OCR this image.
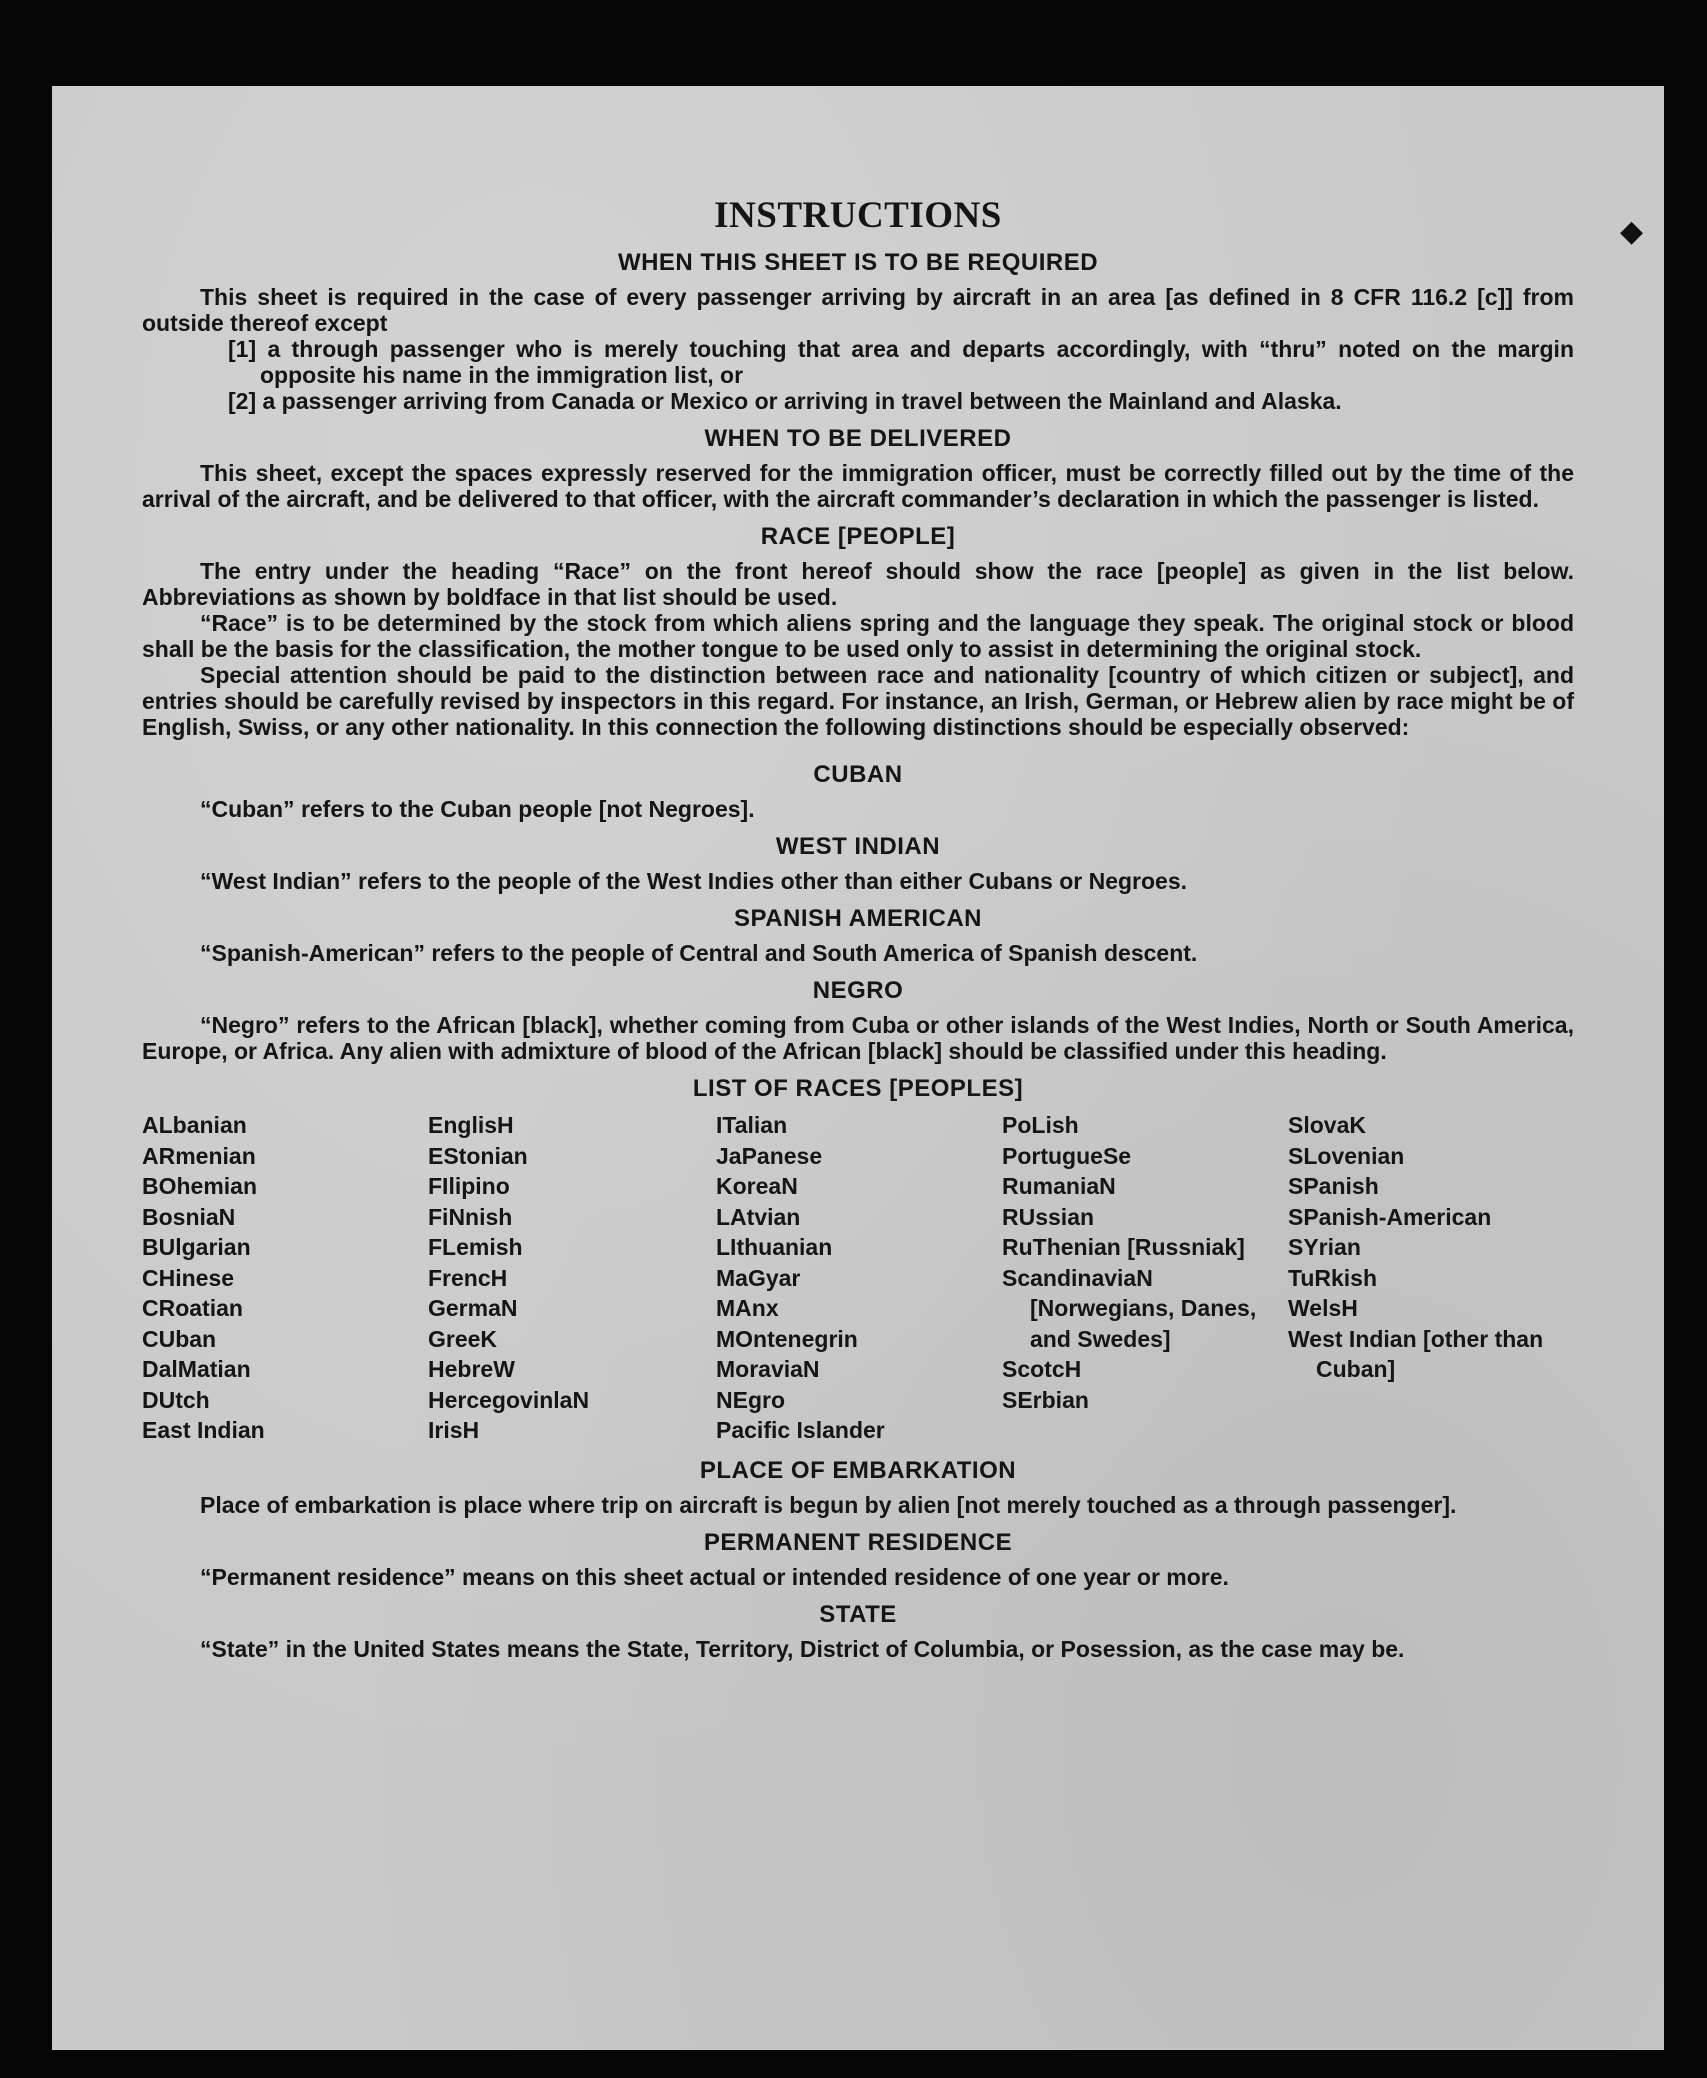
◆
INSTRUCTIONS
WHEN THIS SHEET IS TO BE REQUIRED

This sheet is required in the case of every passenger arriving by aircraft in an area [as defined in 8 CFR 116.2 [c]] from outside thereof except

[1] a through passenger who is merely touching that area and departs accordingly, with “thru” noted on the margin opposite his name in the immigration list, or
[2] a passenger arriving from Canada or Mexico or arriving in travel between the Mainland and Alaska.
WHEN TO BE DELIVERED

This sheet, except the spaces expressly reserved for the immigration officer, must be correctly filled out by the time of the arrival of the aircraft, and be delivered to that officer, with the aircraft commander’s declaration in which the passenger is listed.

RACE [PEOPLE]

The entry under the heading “Race” on the front hereof should show the race [people] as given in the list below. Abbreviations as shown by boldface in that list should be used.

“Race” is to be determined by the stock from which aliens spring and the language they speak. The original stock or blood shall be the basis for the classification, the mother tongue to be used only to assist in determining the original stock.

Special attention should be paid to the distinction between race and nationality [country of which citizen or subject], and entries should be carefully revised by inspectors in this regard. For instance, an Irish, German, or Hebrew alien by race might be of English, Swiss, or any other nationality. In this connection the following distinctions should be especially observed:

CUBAN

“Cuban” refers to the Cuban people [not Negroes].

WEST INDIAN

“West Indian” refers to the people of the West Indies other than either Cubans or Negroes.

SPANISH AMERICAN

“Spanish-American” refers to the people of Central and South America of Spanish descent.

NEGRO

“Negro” refers to the African [black], whether coming from Cuba or other islands of the West Indies, North or South America, Europe, or Africa. Any alien with admixture of blood of the African [black] should be classified under this heading.

LIST OF RACES [PEOPLES]
ALbanian
ARmenian
BOhemian
BosniaN
BUlgarian
CHinese
CRoatian
CUban
DalMatian
DUtch
East Indian
EnglisH
EStonian
FIlipino
FiNnish
FLemish
FrencH
GermaN
GreeK
HebreW
HercegovinlaN
IrisH
ITalian
JaPanese
KoreaN
LAtvian
LIthuanian
MaGyar
MAnx
MOntenegrin
MoraviaN
NEgro
Pacific Islander
PoLish
PortugueSe
RumaniaN
RUssian
RuThenian [Russniak]
ScandinaviaN [Norwegians, Danes, and Swedes]
ScotcH
SErbian
SlovaK
SLovenian
SPanish
SPanish-American
SYrian
TuRkish
WelsH
West Indian [other than Cuban]
PLACE OF EMBARKATION

Place of embarkation is place where trip on aircraft is begun by alien [not merely touched as a through passenger].

PERMANENT RESIDENCE

“Permanent residence” means on this sheet actual or intended residence of one year or more.

STATE

“State” in the United States means the State, Territory, District of Columbia, or Posession, as the case may be.
